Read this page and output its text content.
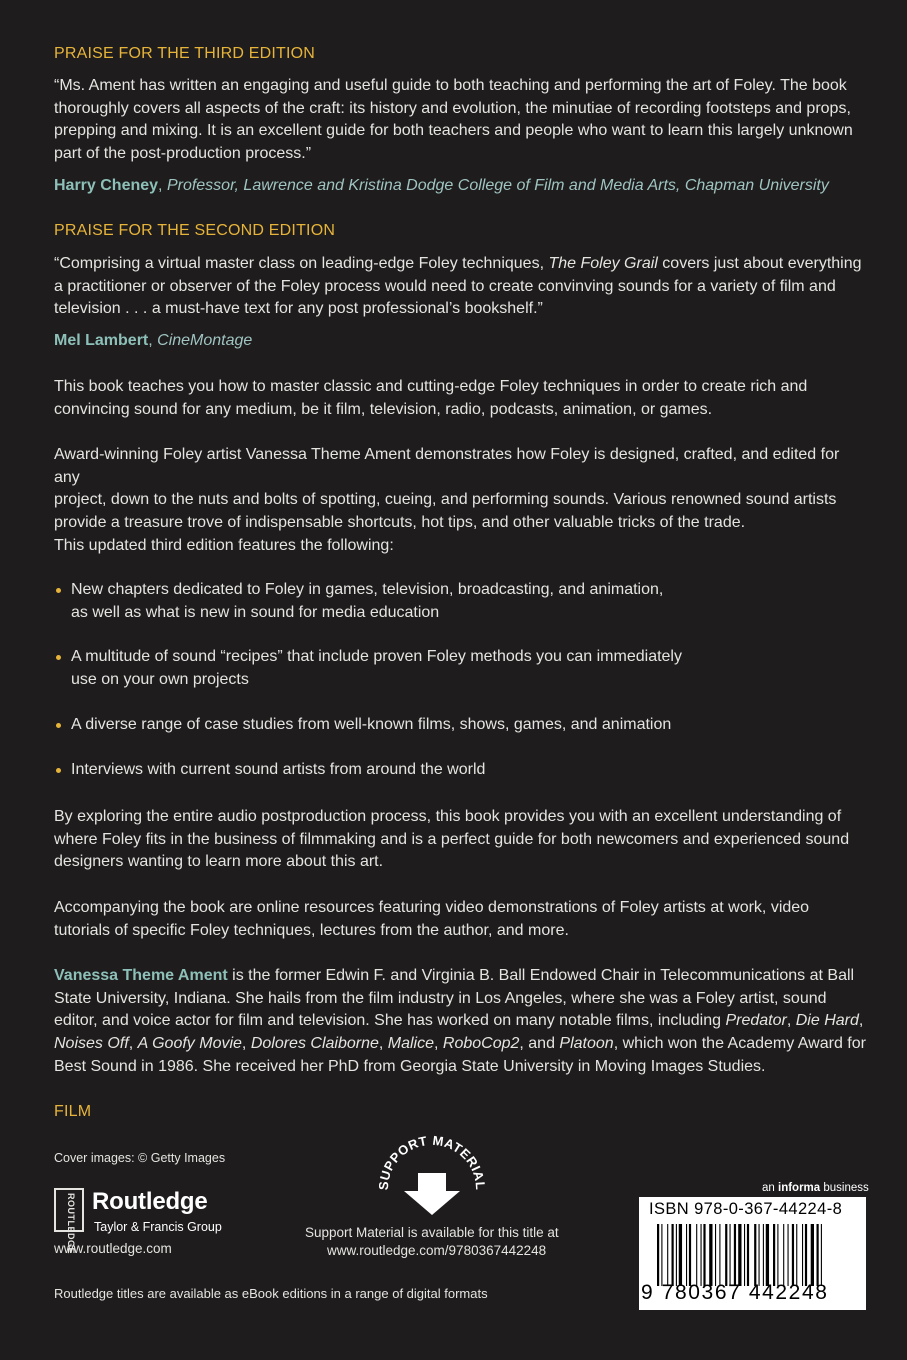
PRAISE FOR THE THIRD EDITION
“Ms. Ament has written an engaging and useful guide to both teaching and performing the art of Foley. The book
thoroughly covers all aspects of the craft: its history and evolution, the minutiae of recording footsteps and props,
prepping and mixing. It is an excellent guide for both teachers and people who want to learn this largely unknown
part of the post-production process.”
Harry Cheney, Professor, Lawrence and Kristina Dodge College of Film and Media Arts, Chapman University
PRAISE FOR THE SECOND EDITION
“Comprising a virtual master class on leading-edge Foley techniques, The Foley Grail covers just about everything
a practitioner or observer of the Foley process would need to create convinving sounds for a variety of film and
television . . . a must-have text for any post professional’s bookshelf.”
Mel Lambert, CineMontage
This book teaches you how to master classic and cutting-edge Foley techniques in order to create rich and
convincing sound for any medium, be it film, television, radio, podcasts, animation, or games.
Award-winning Foley artist Vanessa Theme Ament demonstrates how Foley is designed, crafted, and edited for any
project, down to the nuts and bolts of spotting, cueing, and performing sounds. Various renowned sound artists
provide a treasure trove of indispensable shortcuts, hot tips, and other valuable tricks of the trade.
This updated third edition features the following:
New chapters dedicated to Foley in games, television, broadcasting, and animation,
as well as what is new in sound for media education
A multitude of sound “recipes” that include proven Foley methods you can immediately
use on your own projects
A diverse range of case studies from well-known films, shows, games, and animation
Interviews with current sound artists from around the world
By exploring the entire audio postproduction process, this book provides you with an excellent understanding of
where Foley fits in the business of filmmaking and is a perfect guide for both newcomers and experienced sound
designers wanting to learn more about this art.
Accompanying the book are online resources featuring video demonstrations of Foley artists at work, video
tutorials of specific Foley techniques, lectures from the author, and more.
Vanessa Theme Ament is the former Edwin F. and Virginia B. Ball Endowed Chair in Telecommunications at Ball
State University, Indiana. She hails from the film industry in Los Angeles, where she was a Foley artist, sound
editor, and voice actor for film and television. She has worked on many notable films, including Predator, Die Hard,
Noises Off, A Goofy Movie, Dolores Claiborne, Malice, RoboCop2, and Platoon, which won the Academy Award for
Best Sound in 1986. She received her PhD from Georgia State University in Moving Images Studies.
FILM
Cover images: © Getty Images
ROUTLEDGE Routledge
Taylor & Francis Group
www.routledge.com
SUPPORT MATERIAL
Support Material is available for this title at
www.routledge.com/9780367442248
an informa business
ISBN 978-0-367-44224-8
9 780367 442248
Routledge titles are available as eBook editions in a range of digital formats
